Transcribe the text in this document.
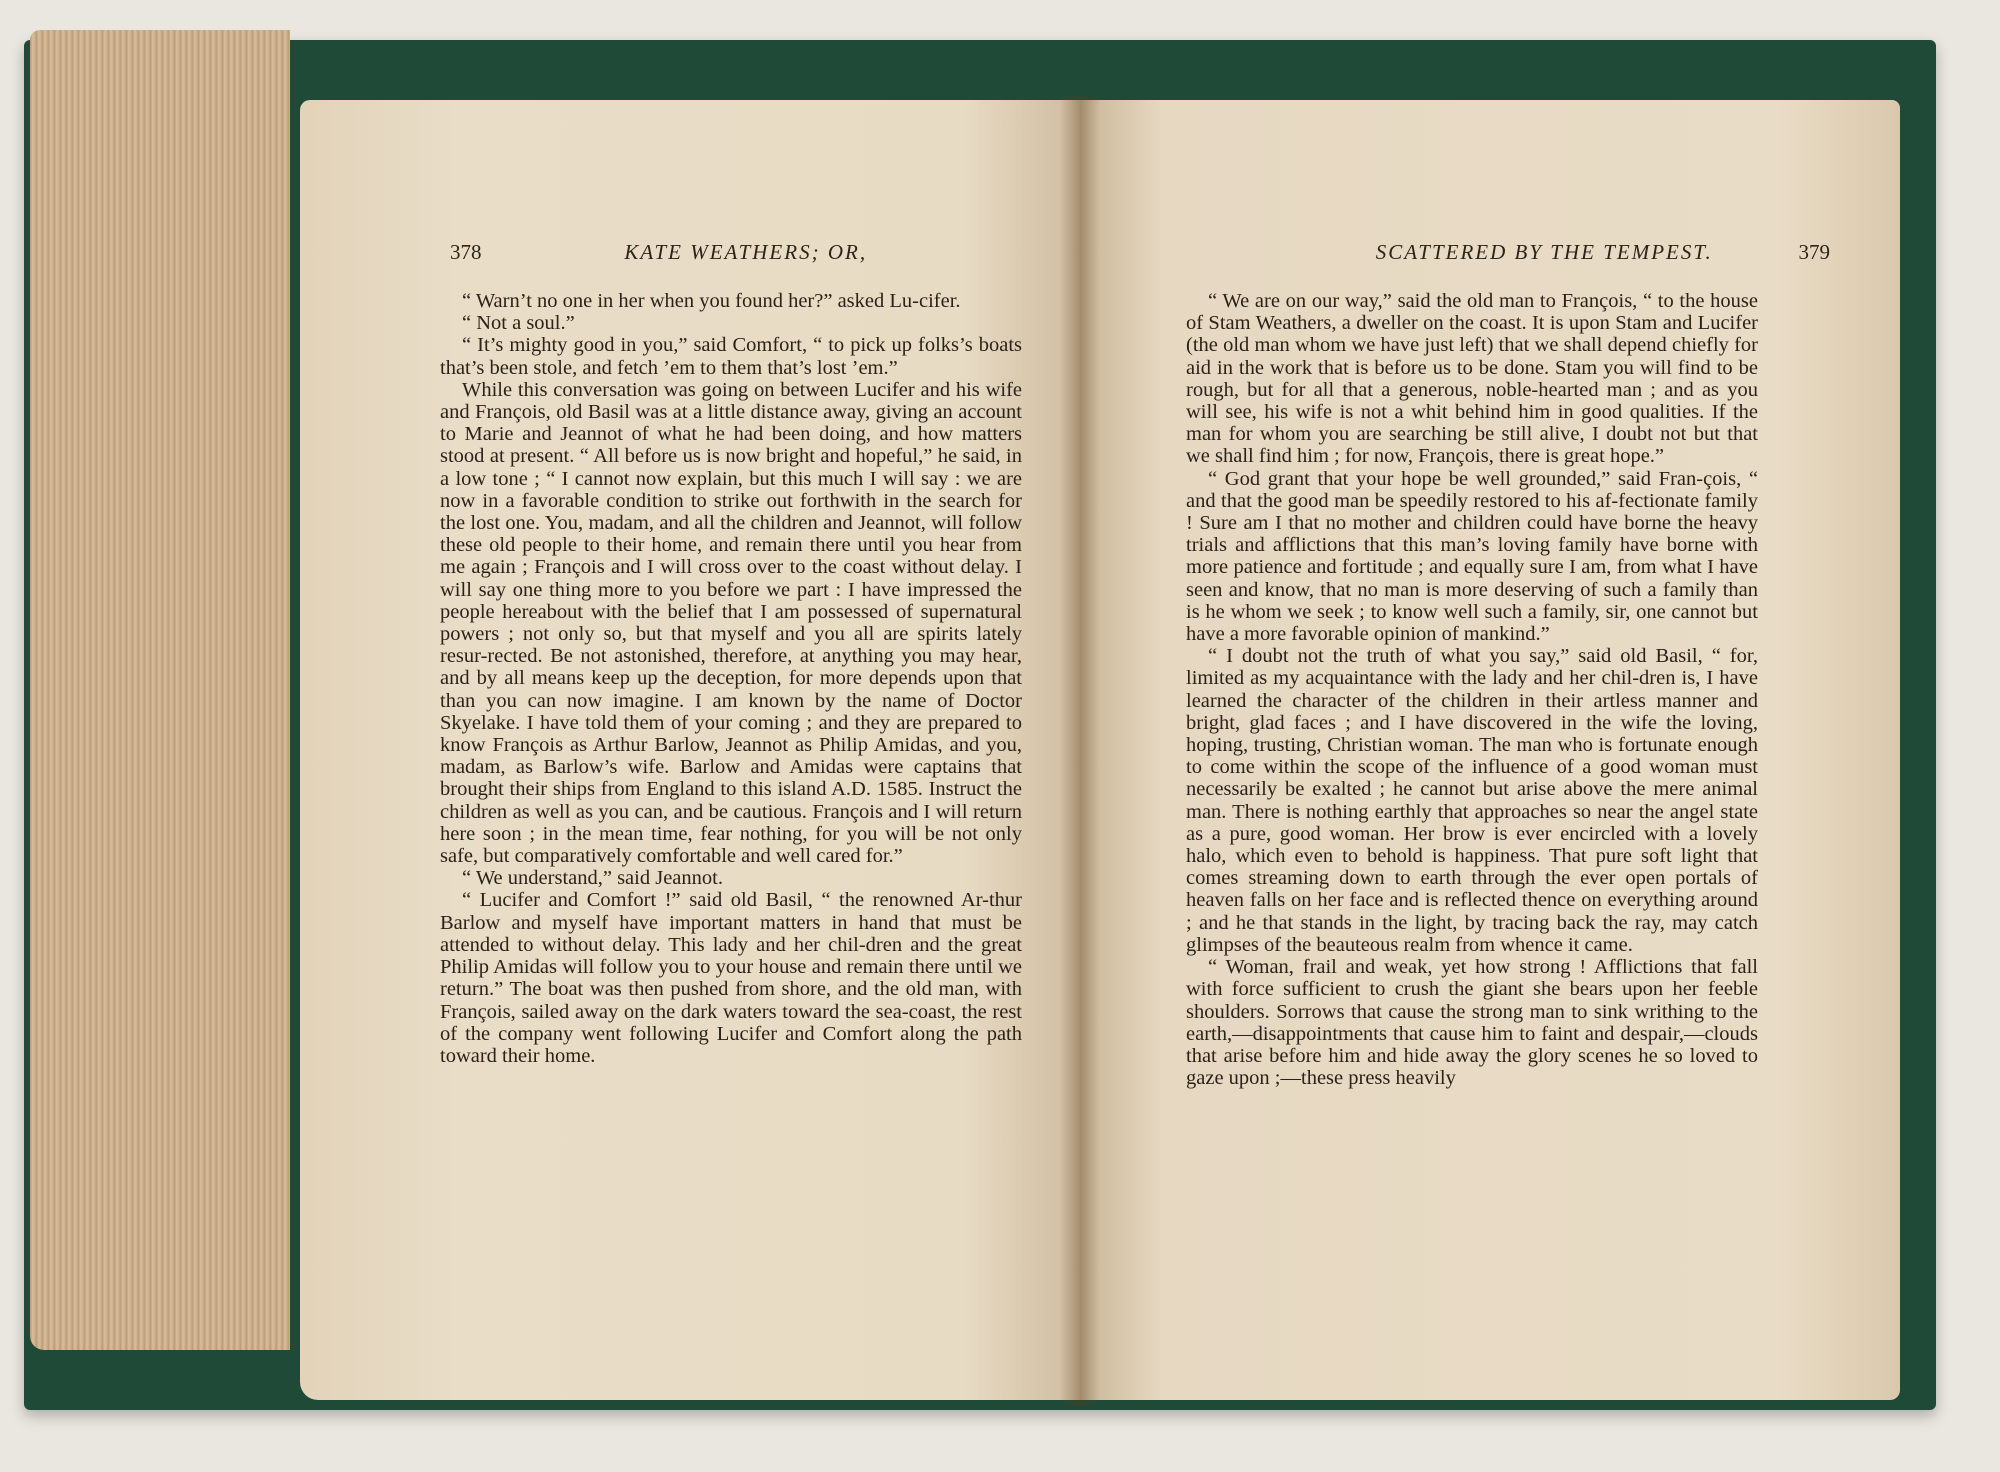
378	KATE WEATHERS; OR,

“ Warn’t no one in her when you found her?” asked Lu-cifer.

“ Not a soul.”

“ It’s mighty good in you,” said Comfort, “ to pick up folks’s boats that’s been stole, and fetch ’em to them that’s lost ’em.”

While this conversation was going on between Lucifer and his wife and François, old Basil was at a little distance away, giving an account to Marie and Jeannot of what he had been doing, and how matters stood at present. “ All before us is now bright and hopeful,” he said, in a low tone ; “ I cannot now explain, but this much I will say : we are now in a favorable condition to strike out forthwith in the search for the lost one. You, madam, and all the children and Jeannot, will follow these old people to their home, and remain there until you hear from me again ; François and I will cross over to the coast without delay. I will say one thing more to you before we part : I have impressed the people hereabout with the belief that I am possessed of supernatural powers ; not only so, but that myself and you all are spirits lately resur-rected. Be not astonished, therefore, at anything you may hear, and by all means keep up the deception, for more depends upon that than you can now imagine. I am known by the name of Doctor Skyelake. I have told them of your coming ; and they are prepared to know François as Arthur Barlow, Jeannot as Philip Amidas, and you, madam, as Barlow’s wife. Barlow and Amidas were captains that brought their ships from England to this island A.D. 1585. Instruct the children as well as you can, and be cautious. François and I will return here soon ; in the mean time, fear nothing, for you will be not only safe, but comparatively comfortable and well cared for.”

“ We understand,” said Jeannot.

“ Lucifer and Comfort !” said old Basil, “ the renowned Ar-thur Barlow and myself have important matters in hand that must be attended to without delay. This lady and her chil-dren and the great Philip Amidas will follow you to your house and remain there until we return.” The boat was then pushed from shore, and the old man, with François, sailed away on the dark waters toward the sea-coast, the rest of the company went following Lucifer and Comfort along the path toward their home.

SCATTERED BY THE TEMPEST.	379

“ We are on our way,” said the old man to François, “ to the house of Stam Weathers, a dweller on the coast. It is upon Stam and Lucifer (the old man whom we have just left) that we shall depend chiefly for aid in the work that is before us to be done. Stam you will find to be rough, but for all that a generous, noble-hearted man ; and as you will see, his wife is not a whit behind him in good qualities. If the man for whom you are searching be still alive, I doubt not but that we shall find him ; for now, François, there is great hope.”

“ God grant that your hope be well grounded,” said Fran-çois, “ and that the good man be speedily restored to his af-fectionate family ! Sure am I that no mother and children could have borne the heavy trials and afflictions that this man’s loving family have borne with more patience and fortitude ; and equally sure I am, from what I have seen and know, that no man is more deserving of such a family than is he whom we seek ; to know well such a family, sir, one cannot but have a more favorable opinion of mankind.”

“ I doubt not the truth of what you say,” said old Basil, “ for, limited as my acquaintance with the lady and her chil-dren is, I have learned the character of the children in their artless manner and bright, glad faces ; and I have discovered in the wife the loving, hoping, trusting, Christian woman. The man who is fortunate enough to come within the scope of the influence of a good woman must necessarily be exalted ; he cannot but arise above the mere animal man. There is nothing earthly that approaches so near the angel state as a pure, good woman. Her brow is ever encircled with a lovely halo, which even to behold is happiness. That pure soft light that comes streaming down to earth through the ever open portals of heaven falls on her face and is reflected thence on everything around ; and he that stands in the light, by tracing back the ray, may catch glimpses of the beauteous realm from whence it came.

“ Woman, frail and weak, yet how strong ! Afflictions that fall with force sufficient to crush the giant she bears upon her feeble shoulders. Sorrows that cause the strong man to sink writhing to the earth,—disappointments that cause him to faint and despair,—clouds that arise before him and hide away the glory scenes he so loved to gaze upon ;—these press heavily
